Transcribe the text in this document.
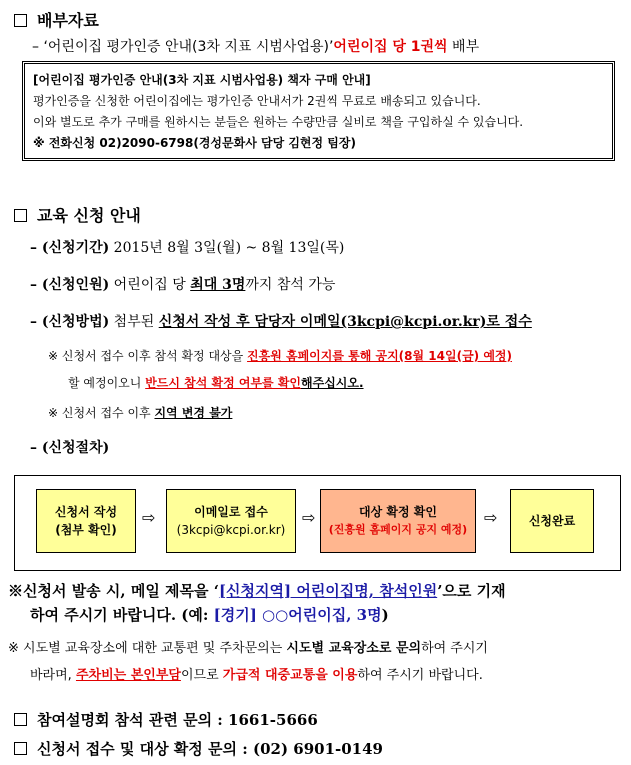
배부자료
– ‘어린이집 평가인증 안내(3차 지표 시범사업용)’어린이집 당 1권씩 배부
[어린이집 평가인증 안내(3차 지표 시범사업용) 책자 구매 안내]
평가인증을 신청한 어린이집에는 평가인증 안내서가 2권씩 무료로 배송되고 있습니다.
이와 별도로 추가 구매를 원하시는 분들은 원하는 수량만큼 실비로 책을 구입하실 수 있습니다.
※ 전화신청 02)2090-6798(경성문화사 담당 김현정 팀장)
교육 신청 안내
– (신청기간) 2015년 8월 3일(월) ~ 8월 13일(목)
– (신청인원) 어린이집 당 최대 3명까지 참석 가능
– (신청방법) 첨부된 신청서 작성 후 담당자 이메일(3kcpi@kcpi.or.kr)로 접수
※ 신청서 접수 이후 참석 확정 대상을 진흥원 홈페이지를 통해 공지(8월 14일(금) 예정)
할 예정이오니 반드시 참석 확정 여부를 확인해주십시오.
※ 신청서 접수 이후 지역 변경 불가
– (신청절차)
신청서 작성
(첨부 확인)
⇨	이메일로 접수
(3kcpi@kcpi.or.kr)
⇨	대상 확정 확인
(진흥원 홈페이지 공지 예정)
⇨	신청완료
※신청서 발송 시, 메일 제목을 ‘[신청지역] 어린이집명, 참석인원’으로 기재
하여 주시기 바랍니다. (예: [경기] ○○어린이집, 3명)
※ 시도별 교육장소에 대한 교통편 및 주차문의는 시도별 교육장소로 문의하여 주시기
바라며, 주차비는 본인부담이므로 가급적 대중교통을 이용하여 주시기 바랍니다.
참여설명회 참석 관련 문의 : 1661-5666
신청서 접수 및 대상 확정 문의 : (02) 6901-0149
